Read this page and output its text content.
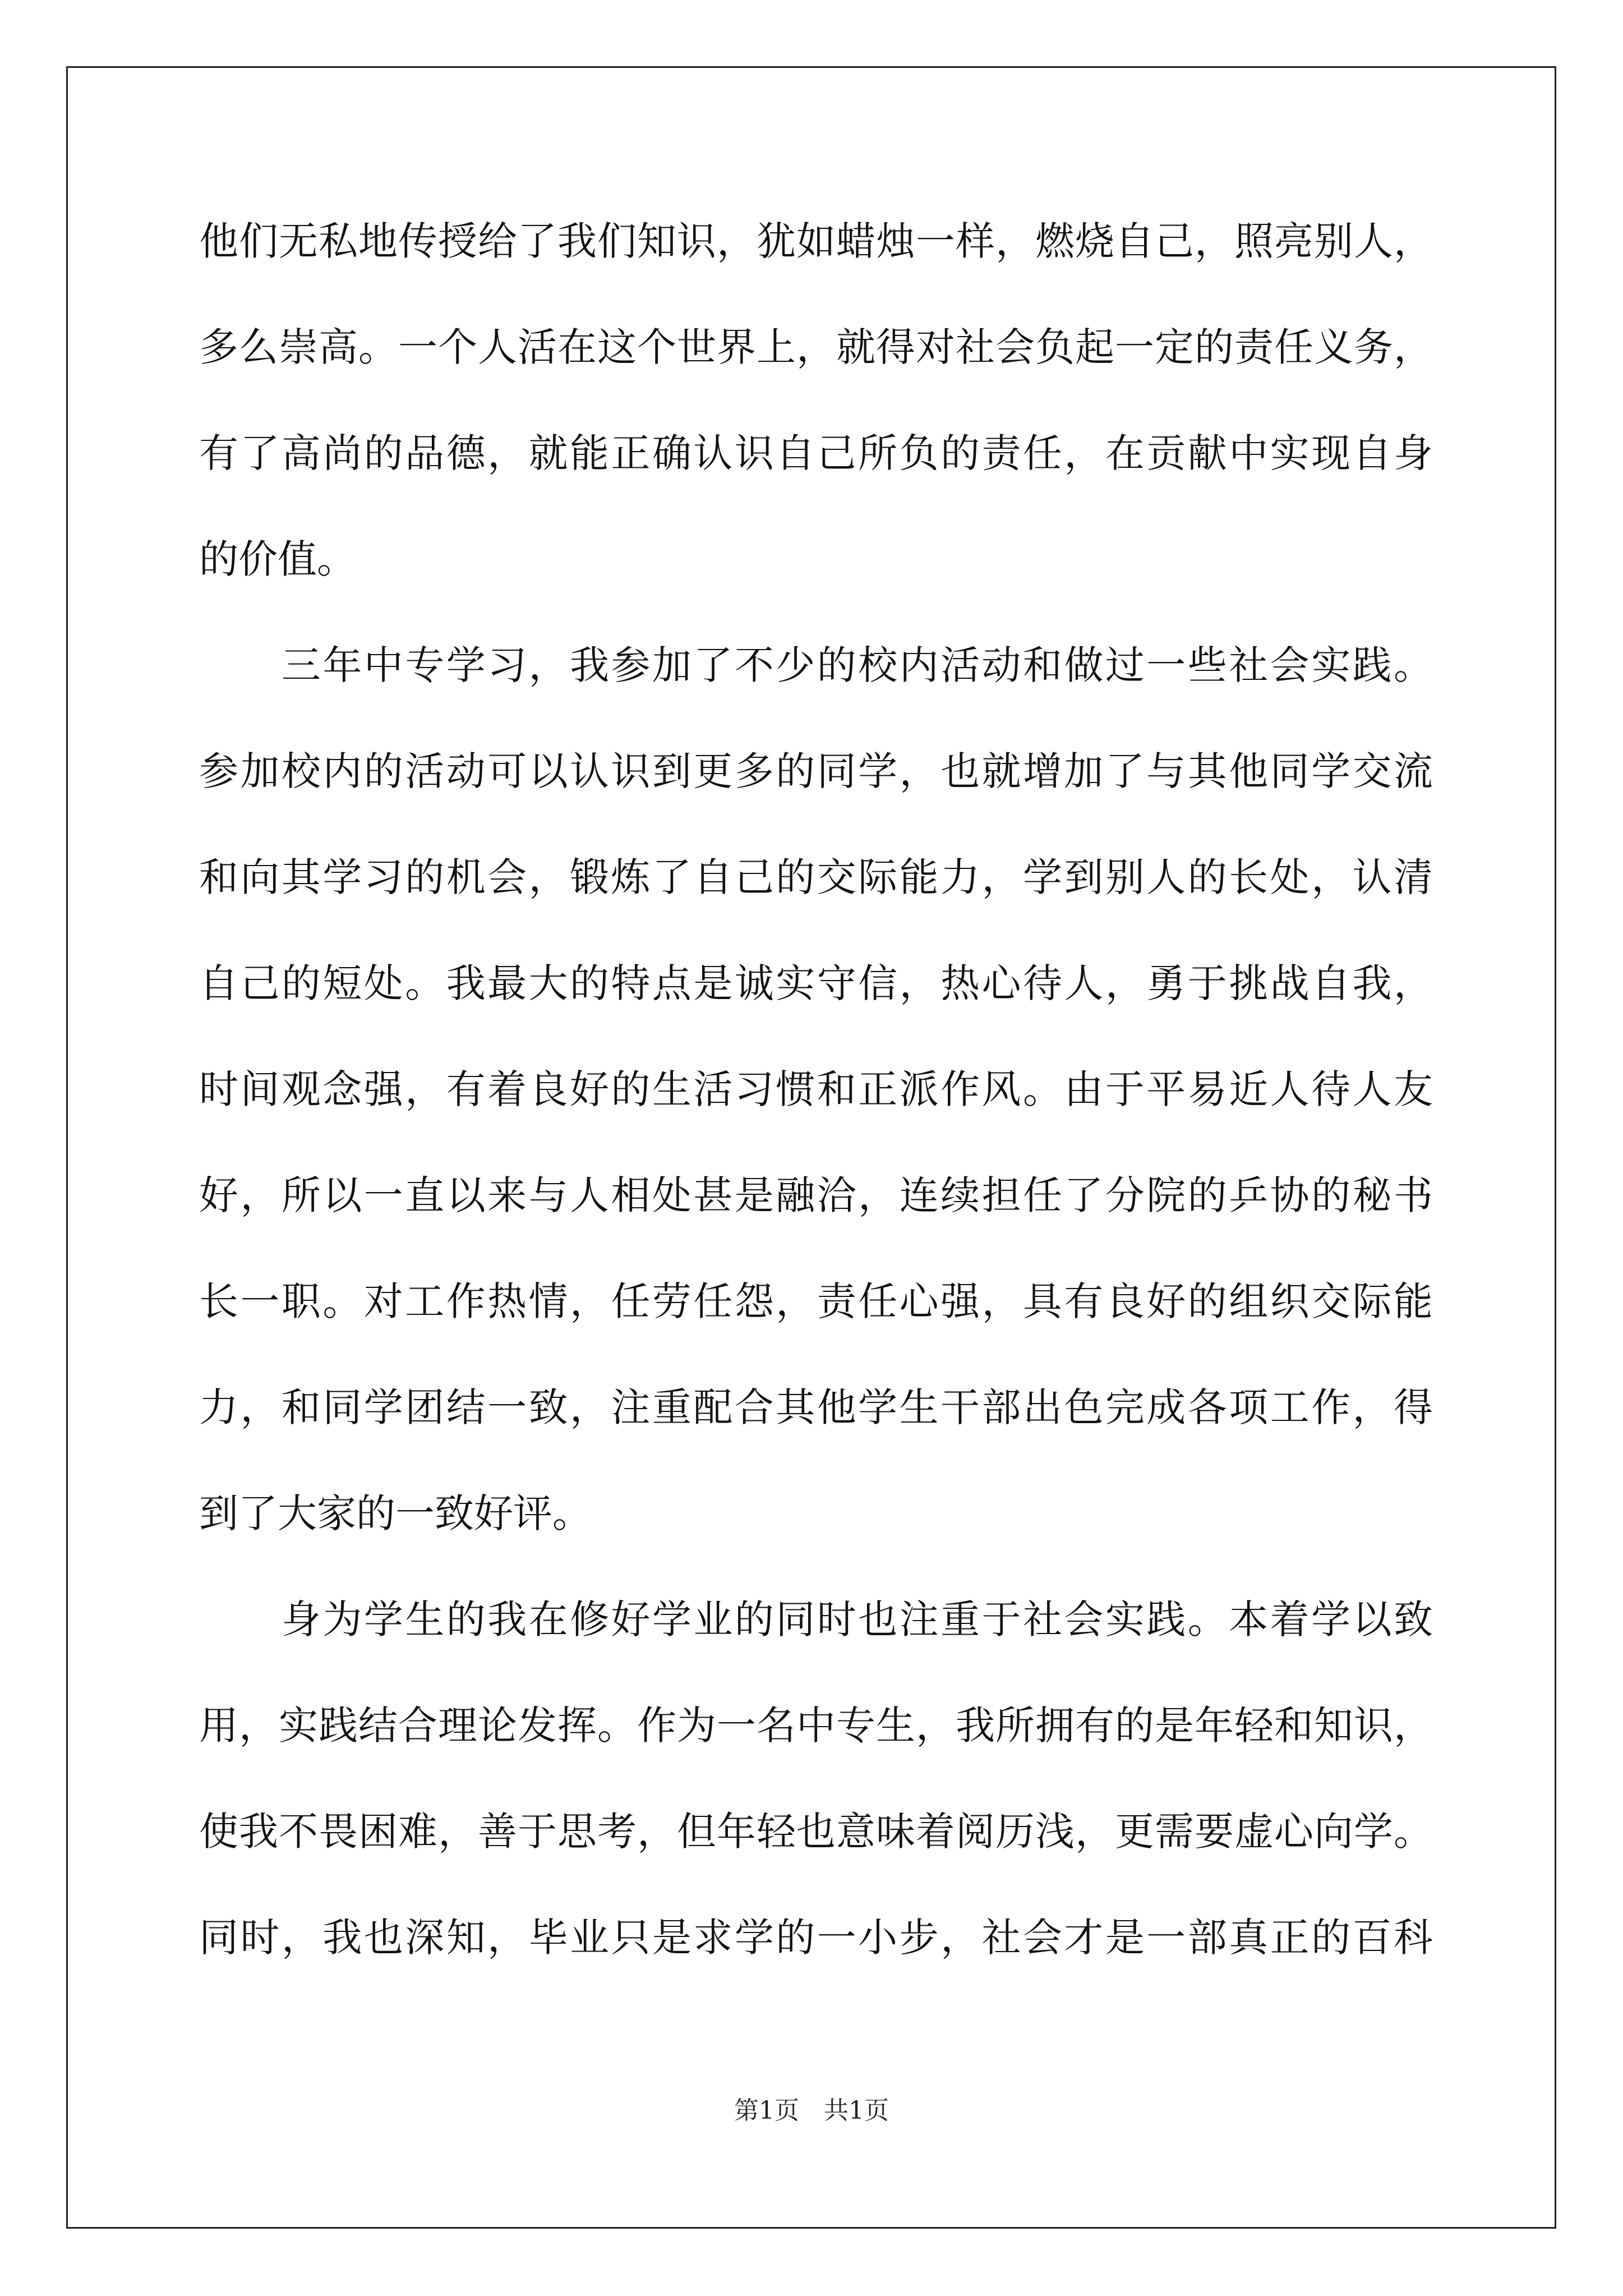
他们无私地传授给了我们知识，犹如蜡烛一样，燃烧自己，照亮别人，
多么崇高。一个人活在这个世界上，就得对社会负起一定的责任义务，
有了高尚的品德，就能正确认识自己所负的责任，在贡献中实现自身
的价值。
三年中专学习，我参加了不少的校内活动和做过一些社会实践。
参加校内的活动可以认识到更多的同学，也就增加了与其他同学交流
和向其学习的机会，锻炼了自己的交际能力，学到别人的长处，认清
自己的短处。我最大的特点是诚实守信，热心待人，勇于挑战自我，
时间观念强，有着良好的生活习惯和正派作风。由于平易近人待人友
好，所以一直以来与人相处甚是融洽，连续担任了分院的乒协的秘书
长一职。对工作热情，任劳任怨，责任心强，具有良好的组织交际能
力，和同学团结一致，注重配合其他学生干部出色完成各项工作，得
到了大家的一致好评。
身为学生的我在修好学业的同时也注重于社会实践。本着学以致
用，实践结合理论发挥。作为一名中专生，我所拥有的是年轻和知识，
使我不畏困难，善于思考，但年轻也意味着阅历浅，更需要虚心向学。
同时，我也深知，毕业只是求学的一小步，社会才是一部真正的百科
第1页　共1页
